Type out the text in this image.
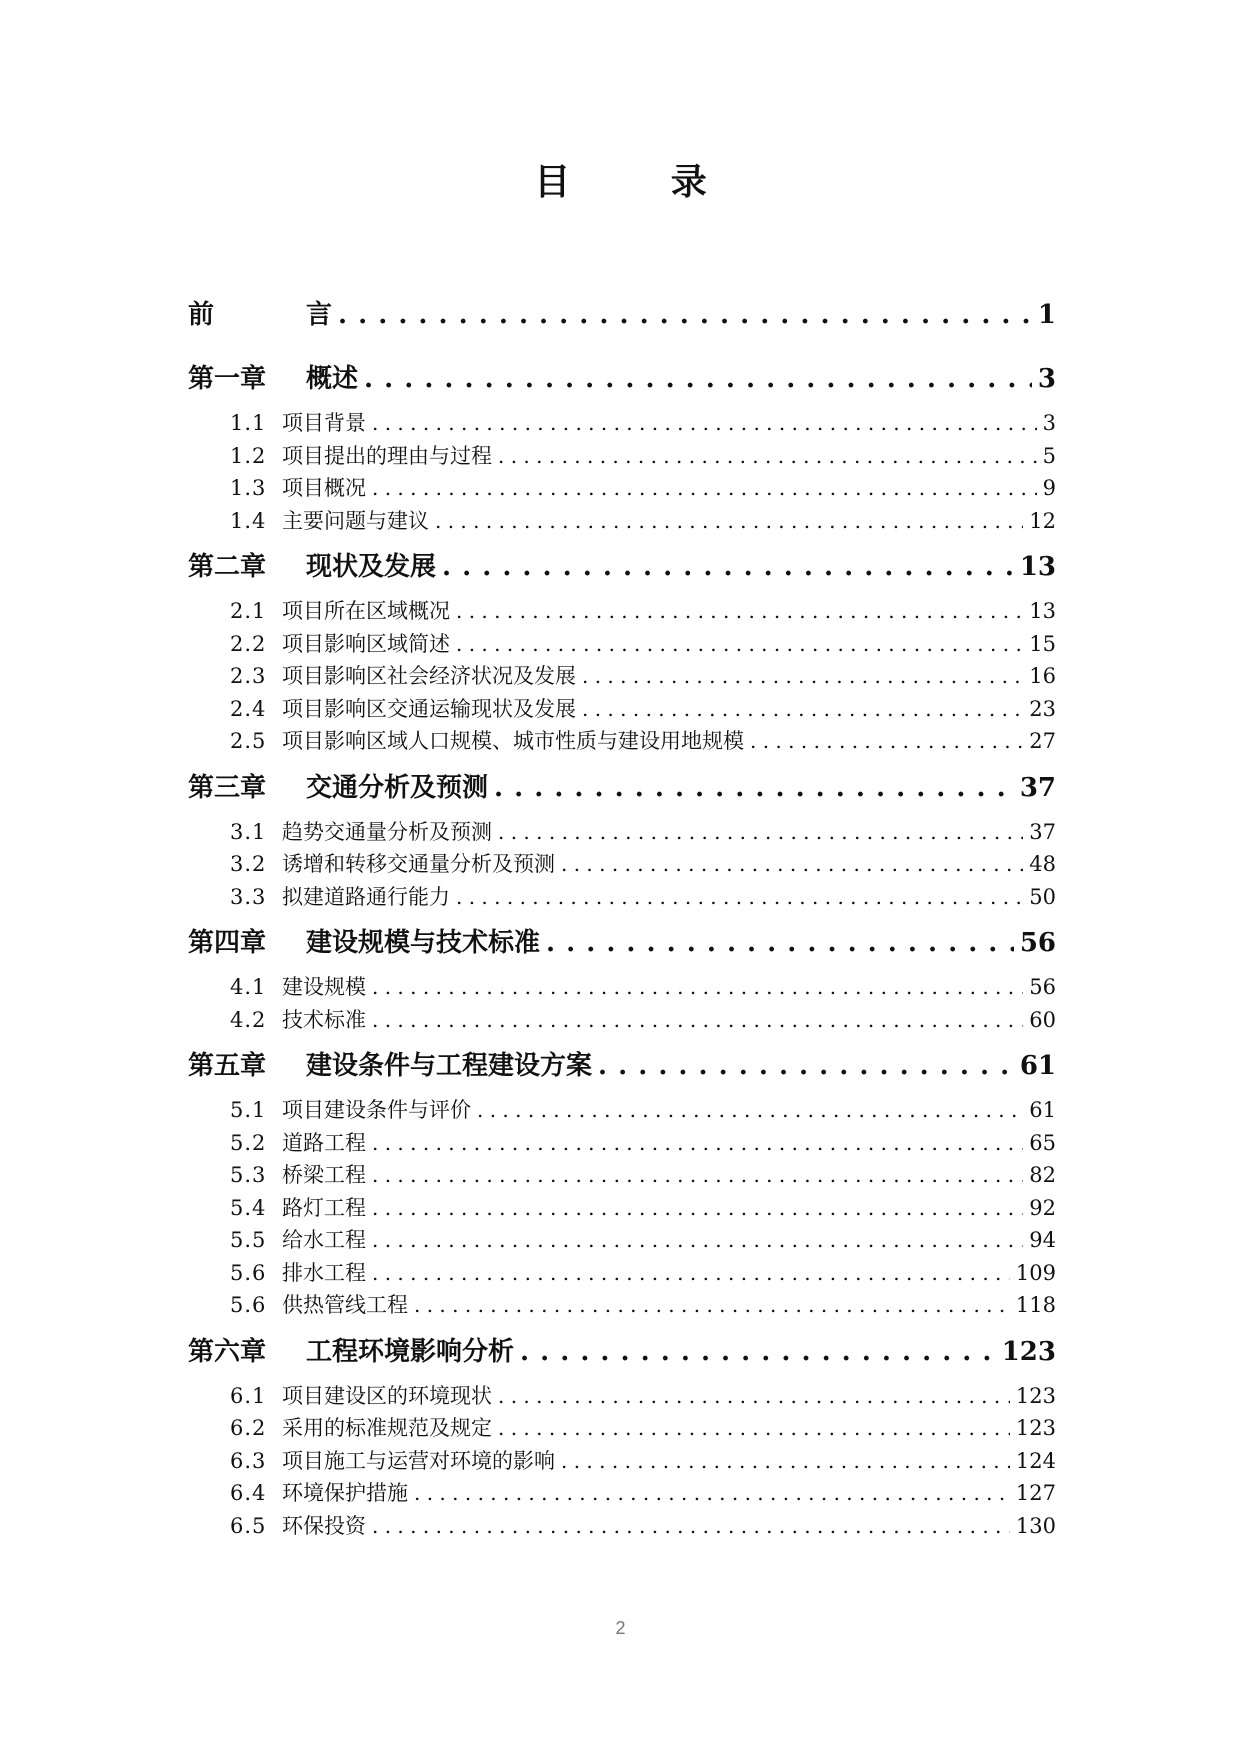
目 录
前	言 . . .	1
第一章	概述 . . .	3
1.1 项目背景 . . .	3
1.2 项目提出的理由与过程 . . .	5
1.3 项目概况 . . .	9
1.4 主要问题与建议 . . .	12
第二章	现状及发展 . . .	13
2.1 项目所在区域概况 . . .	13
2.2 项目影响区域简述 . . .	15
2.3 项目影响区社会经济状况及发展 . . .	16
2.4 项目影响区交通运输现状及发展 . . .	23
2.5 项目影响区域人口规模、城市性质与建设用地规模 . . .	27
第三章	交通分析及预测 . . .	37
3.1 趋势交通量分析及预测 . . .	37
3.2 诱增和转移交通量分析及预测 . . .	48
3.3 拟建道路通行能力 . . .	50
第四章	建设规模与技术标准 . . .	56
4.1 建设规模 . . .	56
4.2 技术标准 . . .	60
第五章	建设条件与工程建设方案 . . .	61
5.1 项目建设条件与评价 . . .	61
5.2 道路工程 . . .	65
5.3 桥梁工程 . . .	82
5.4 路灯工程 . . .	92
5.5 给水工程 . . .	94
5.6 排水工程 . . .	109
5.6 供热管线工程 . . .	118
第六章	工程环境影响分析 . . .	123
6.1 项目建设区的环境现状 . . .	123
6.2 采用的标准规范及规定 . . .	123
6.3 项目施工与运营对环境的影响 . . .	124
6.4 环境保护措施 . . .	127
6.5 环保投资 . . .	130
2
